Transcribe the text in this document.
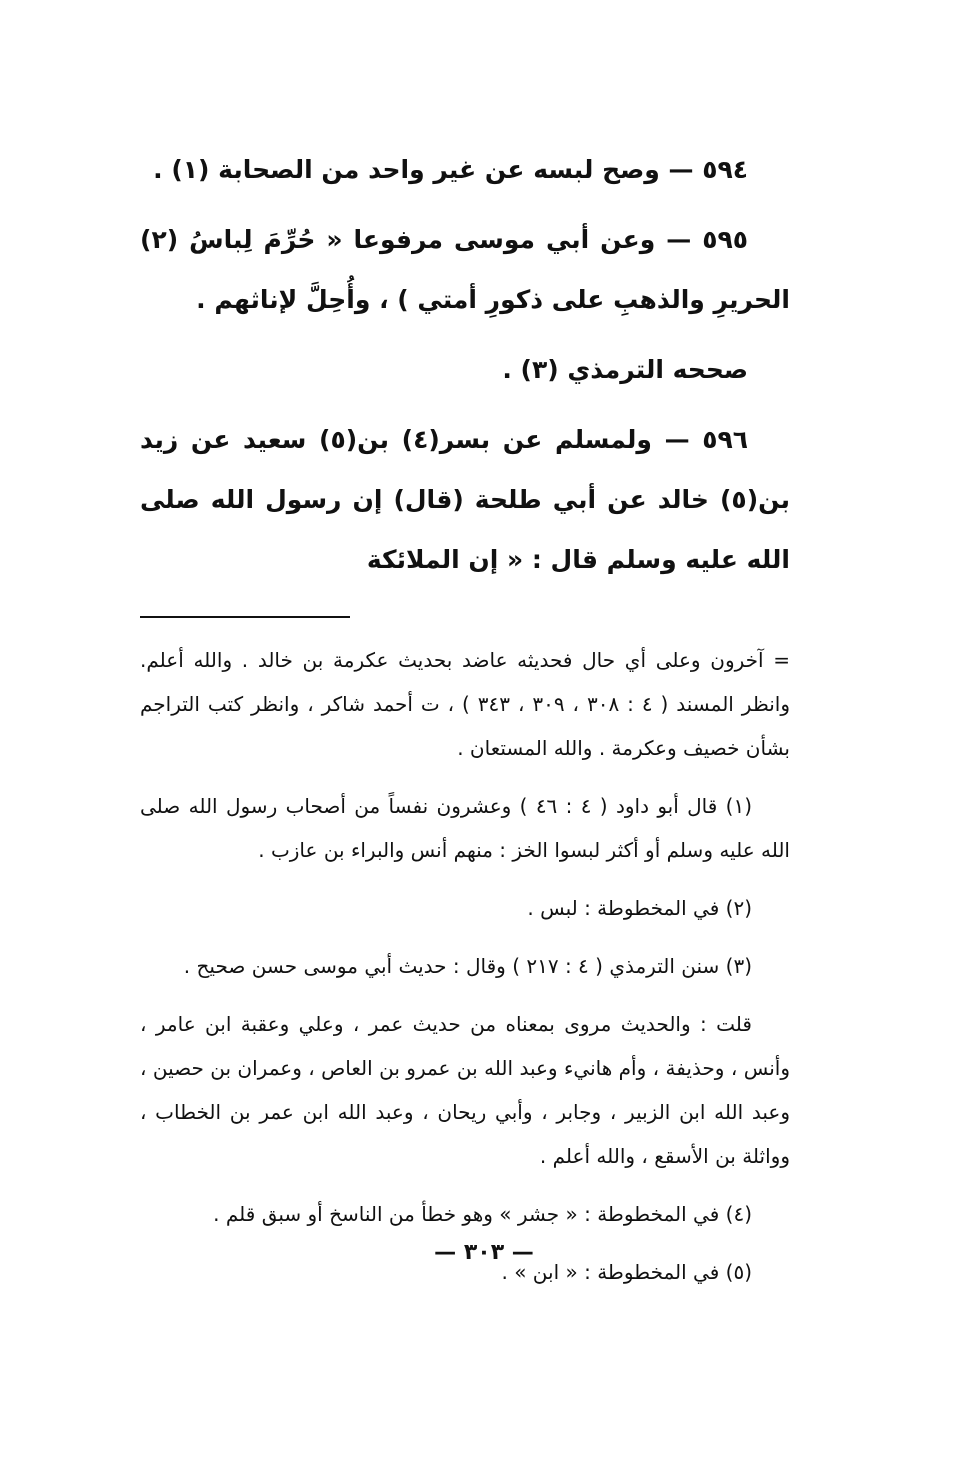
٥٩٤ — وصح لبسه عن غير واحد من الصحابة (١) .

٥٩٥ — وعن أبي موسى مرفوعا « حُرِّمَ لِباسُ (٢) الحريرِ والذهبِ على ذكورِ أمتي ) ، وأُحِلَّ لإناثهم .

صححه الترمذي (٣) .

٥٩٦ — ولمسلم عن بسر(٤) بن(٥) سعيد عن زيد بن(٥) خالد عن أبي طلحة (قال) إن رسول الله صلى الله عليه وسلم قال : « إن الملائكة

= آخرون وعلى أي حال فحديثه عاضد بحديث عكرمة بن خالد . والله أعلم. وانظر المسند ( ٤ : ٣٠٨ ، ٣٠٩ ، ٣٤٣ ) ، ت أحمد شاكر ، وانظر كتب التراجم بشأن خصيف وعكرمة . والله المستعان .

(١) قال أبو داود ( ٤ : ٤٦ ) وعشرون نفساً من أصحاب رسول الله صلى الله عليه وسلم أو أكثر لبسوا الخز : منهم أنس والبراء بن عازب .

(٢) في المخطوطة : لبس .

(٣) سنن الترمذي ( ٤ : ٢١٧ ) وقال : حديث أبي موسى حسن صحيح .

قلت : والحديث مروى بمعناه من حديث عمر ، وعلي وعقبة ابن عامر ، وأنس ، وحذيفة ، وأم هانيء وعبد الله بن عمرو بن العاص ، وعمران بن حصين ، وعبد الله ابن الزبير ، وجابر ، وأبي ريحان ، وعبد الله ابن عمر بن الخطاب ، وواثلة بن الأسقع ، والله أعلم .

(٤) في المخطوطة : « جشر » وهو خطأ من الناسخ أو سبق قلم .

(٥) في المخطوطة : « ابن » .

— ٣٠٣ —
